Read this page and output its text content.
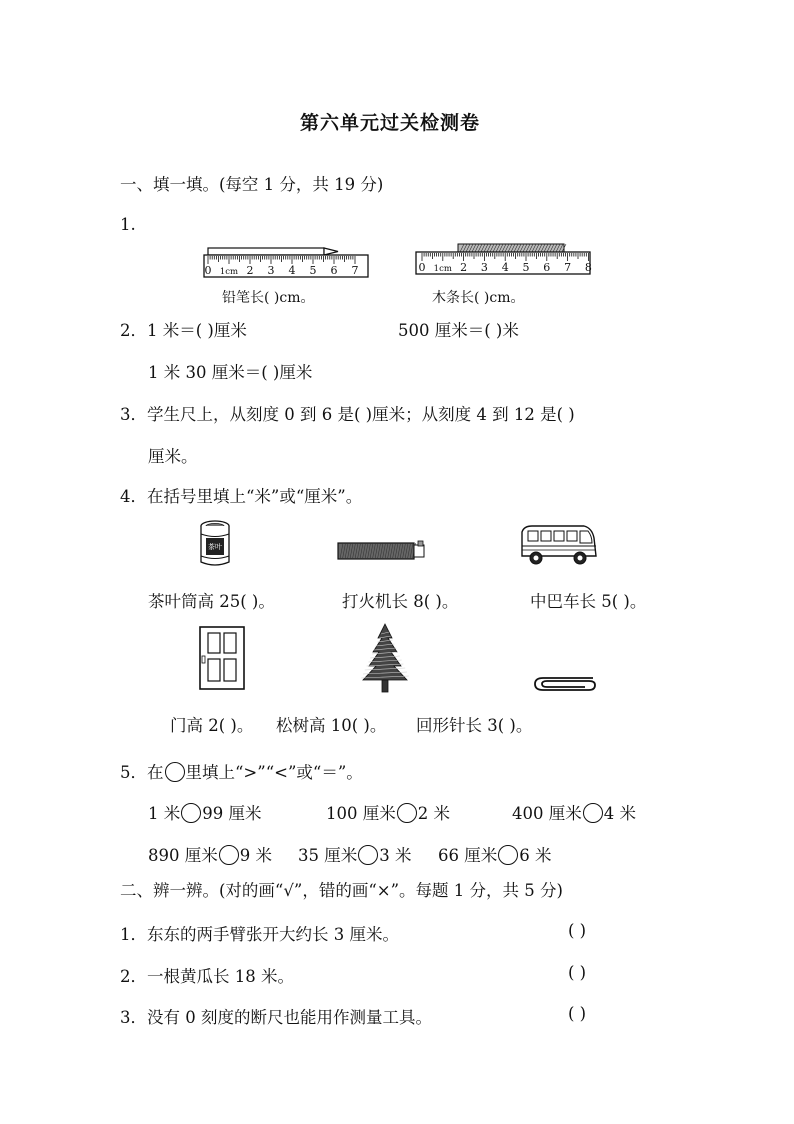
第六单元过关检测卷
一、填一填。(每空 1 分，共 19 分)
1.
0 1cm 2 3 4 5 6 7	0 1cm 2 3 4 5 6 7 8
铅笔长( )cm。	木条长( )cm。
2．1 米＝( )厘米	500 厘米＝( )米
1 米 30 厘米＝( )厘米
3．学生尺上，从刻度 0 到 6 是( )厘米；从刻度 4 到 12 是( )
厘米。
4．在括号里填上“米”或“厘米”。
茶叶
茶叶筒高 25( )。	打火机长 8( )。	中巴车长 5( )。
门高 2( )。 松树高 10( )。 回形针长 3( )。
5．在 里填上“>”“<”或“＝”。
1 米 99 厘米	100 厘米 2 米	400 厘米 4 米
890 厘米 9 米 35 厘米 3 米 66 厘米 6 米
二、辨一辨。(对的画“√”，错的画“×”。每题 1 分，共 5 分)
1．东东的两手臂张开大约长 3 厘米。	( )
2．一根黄瓜长 18 米。	( )
3．没有 0 刻度的断尺也能用作测量工具。	( )
